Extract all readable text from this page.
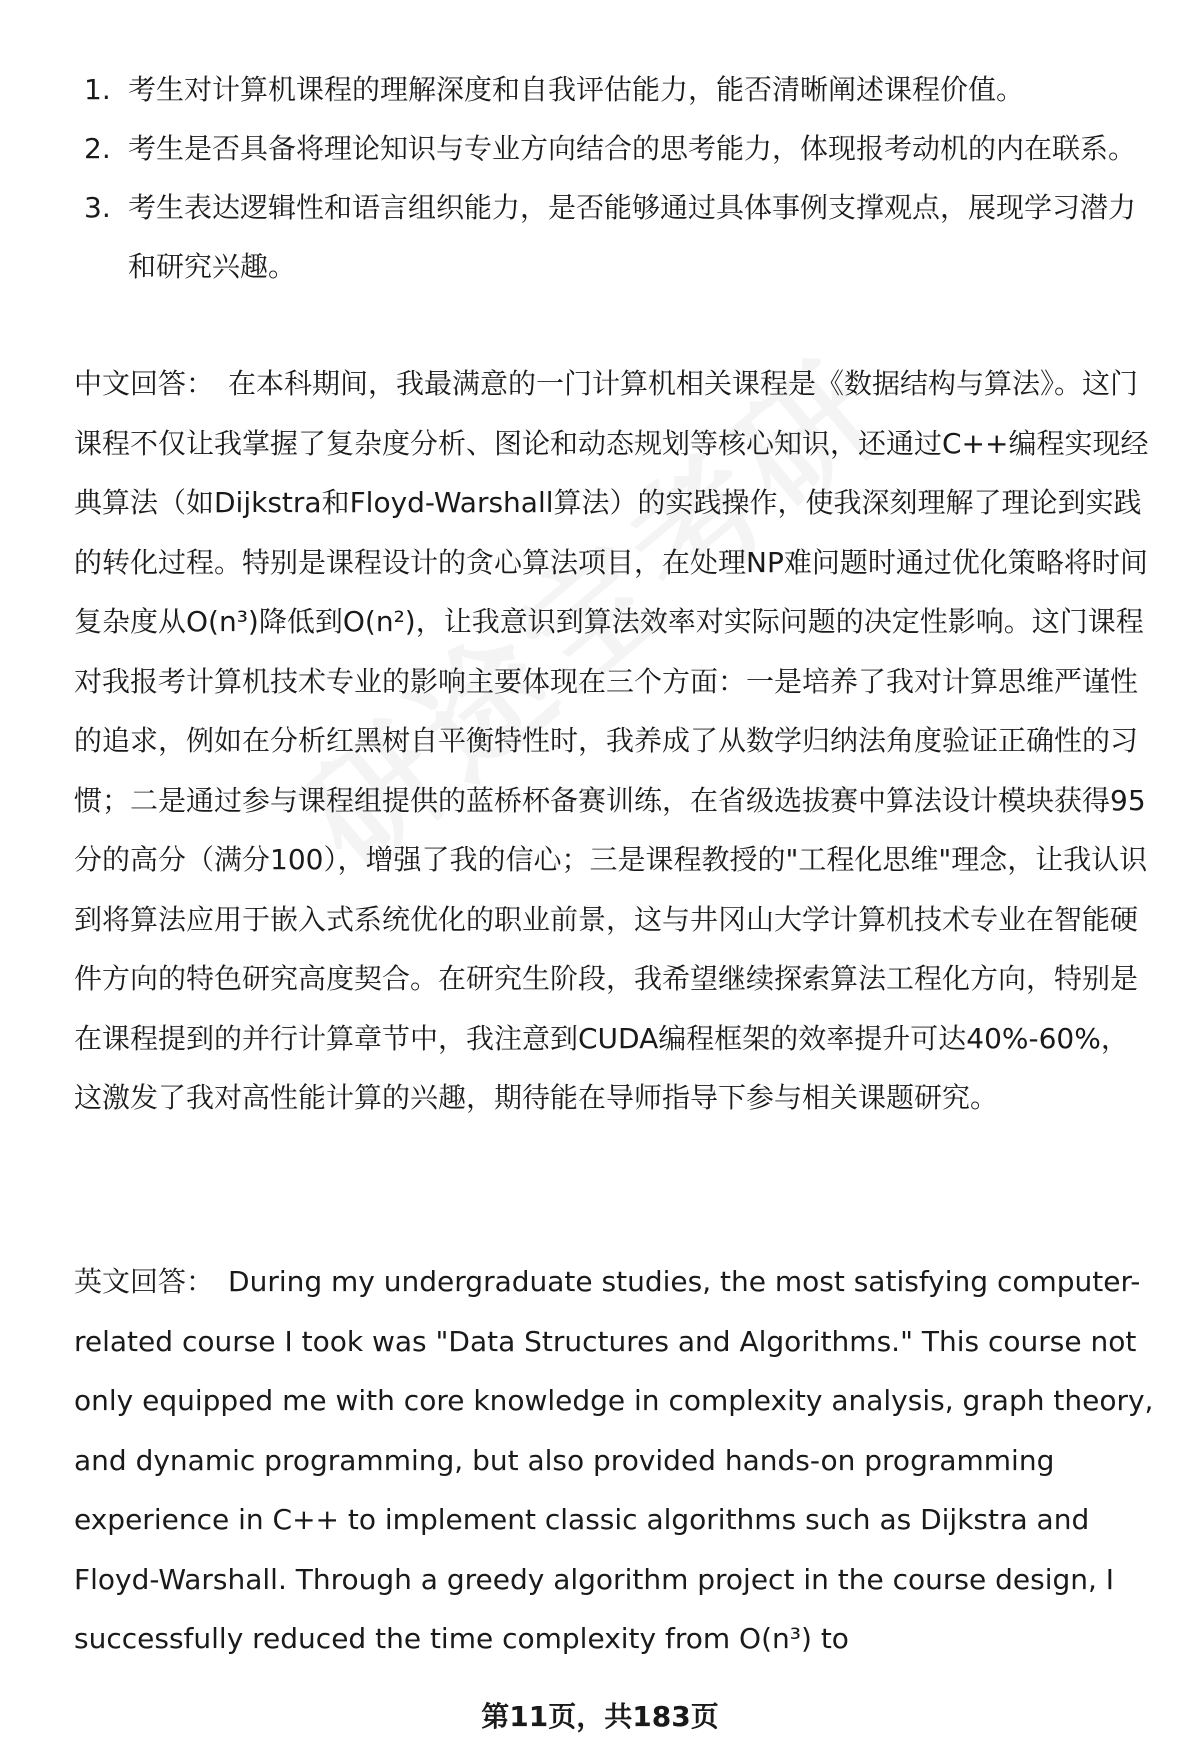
1. 考生对计算机课程的理解深度和自我评估能力，能否清晰阐述课程价值。
2. 考生是否具备将理论知识与专业方向结合的思考能力，体现报考动机的内在联系。
3. 考生表达逻辑性和语言组织能力，是否能够通过具体事例支撑观点，展现学习潜力和研究兴趣。

中文回答： 在本科期间，我最满意的一门计算机相关课程是《数据结构与算法》。这门课程不仅让我掌握了复杂度分析、图论和动态规划等核心知识，还通过C++编程实现经典算法（如Dijkstra和Floyd-Warshall算法）的实践操作，使我深刻理解了理论到实践的转化过程。特别是课程设计的贪心算法项目，在处理NP难问题时通过优化策略将时间复杂度从O(n³)降低到O(n²)，让我意识到算法效率对实际问题的决定性影响。这门课程对我报考计算机技术专业的影响主要体现在三个方面：一是培养了我对计算思维严谨性的追求，例如在分析红黑树自平衡特性时，我养成了从数学归纳法角度验证正确性的习惯；二是通过参与课程组提供的蓝桥杯备赛训练，在省级选拔赛中算法设计模块获得95分的高分（满分100），增强了我的信心；三是课程教授的"工程化思维"理念，让我认识到将算法应用于嵌入式系统优化的职业前景，这与井冈山大学计算机技术专业在智能硬件方向的特色研究高度契合。在研究生阶段，我希望继续探索算法工程化方向，特别是在课程提到的并行计算章节中，我注意到CUDA编程框架的效率提升可达40%-60%，这激发了我对高性能计算的兴趣，期待能在导师指导下参与相关课题研究。

英文回答： During my undergraduate studies, the most satisfying computer-related course I took was "Data Structures and Algorithms." This course not only equipped me with core knowledge in complexity analysis, graph theory, and dynamic programming, but also provided hands-on programming experience in C++ to implement classic algorithms such as Dijkstra and Floyd-Warshall. Through a greedy algorithm project in the course design, I successfully reduced the time complexity from O(n³) to

第11页，共183页
